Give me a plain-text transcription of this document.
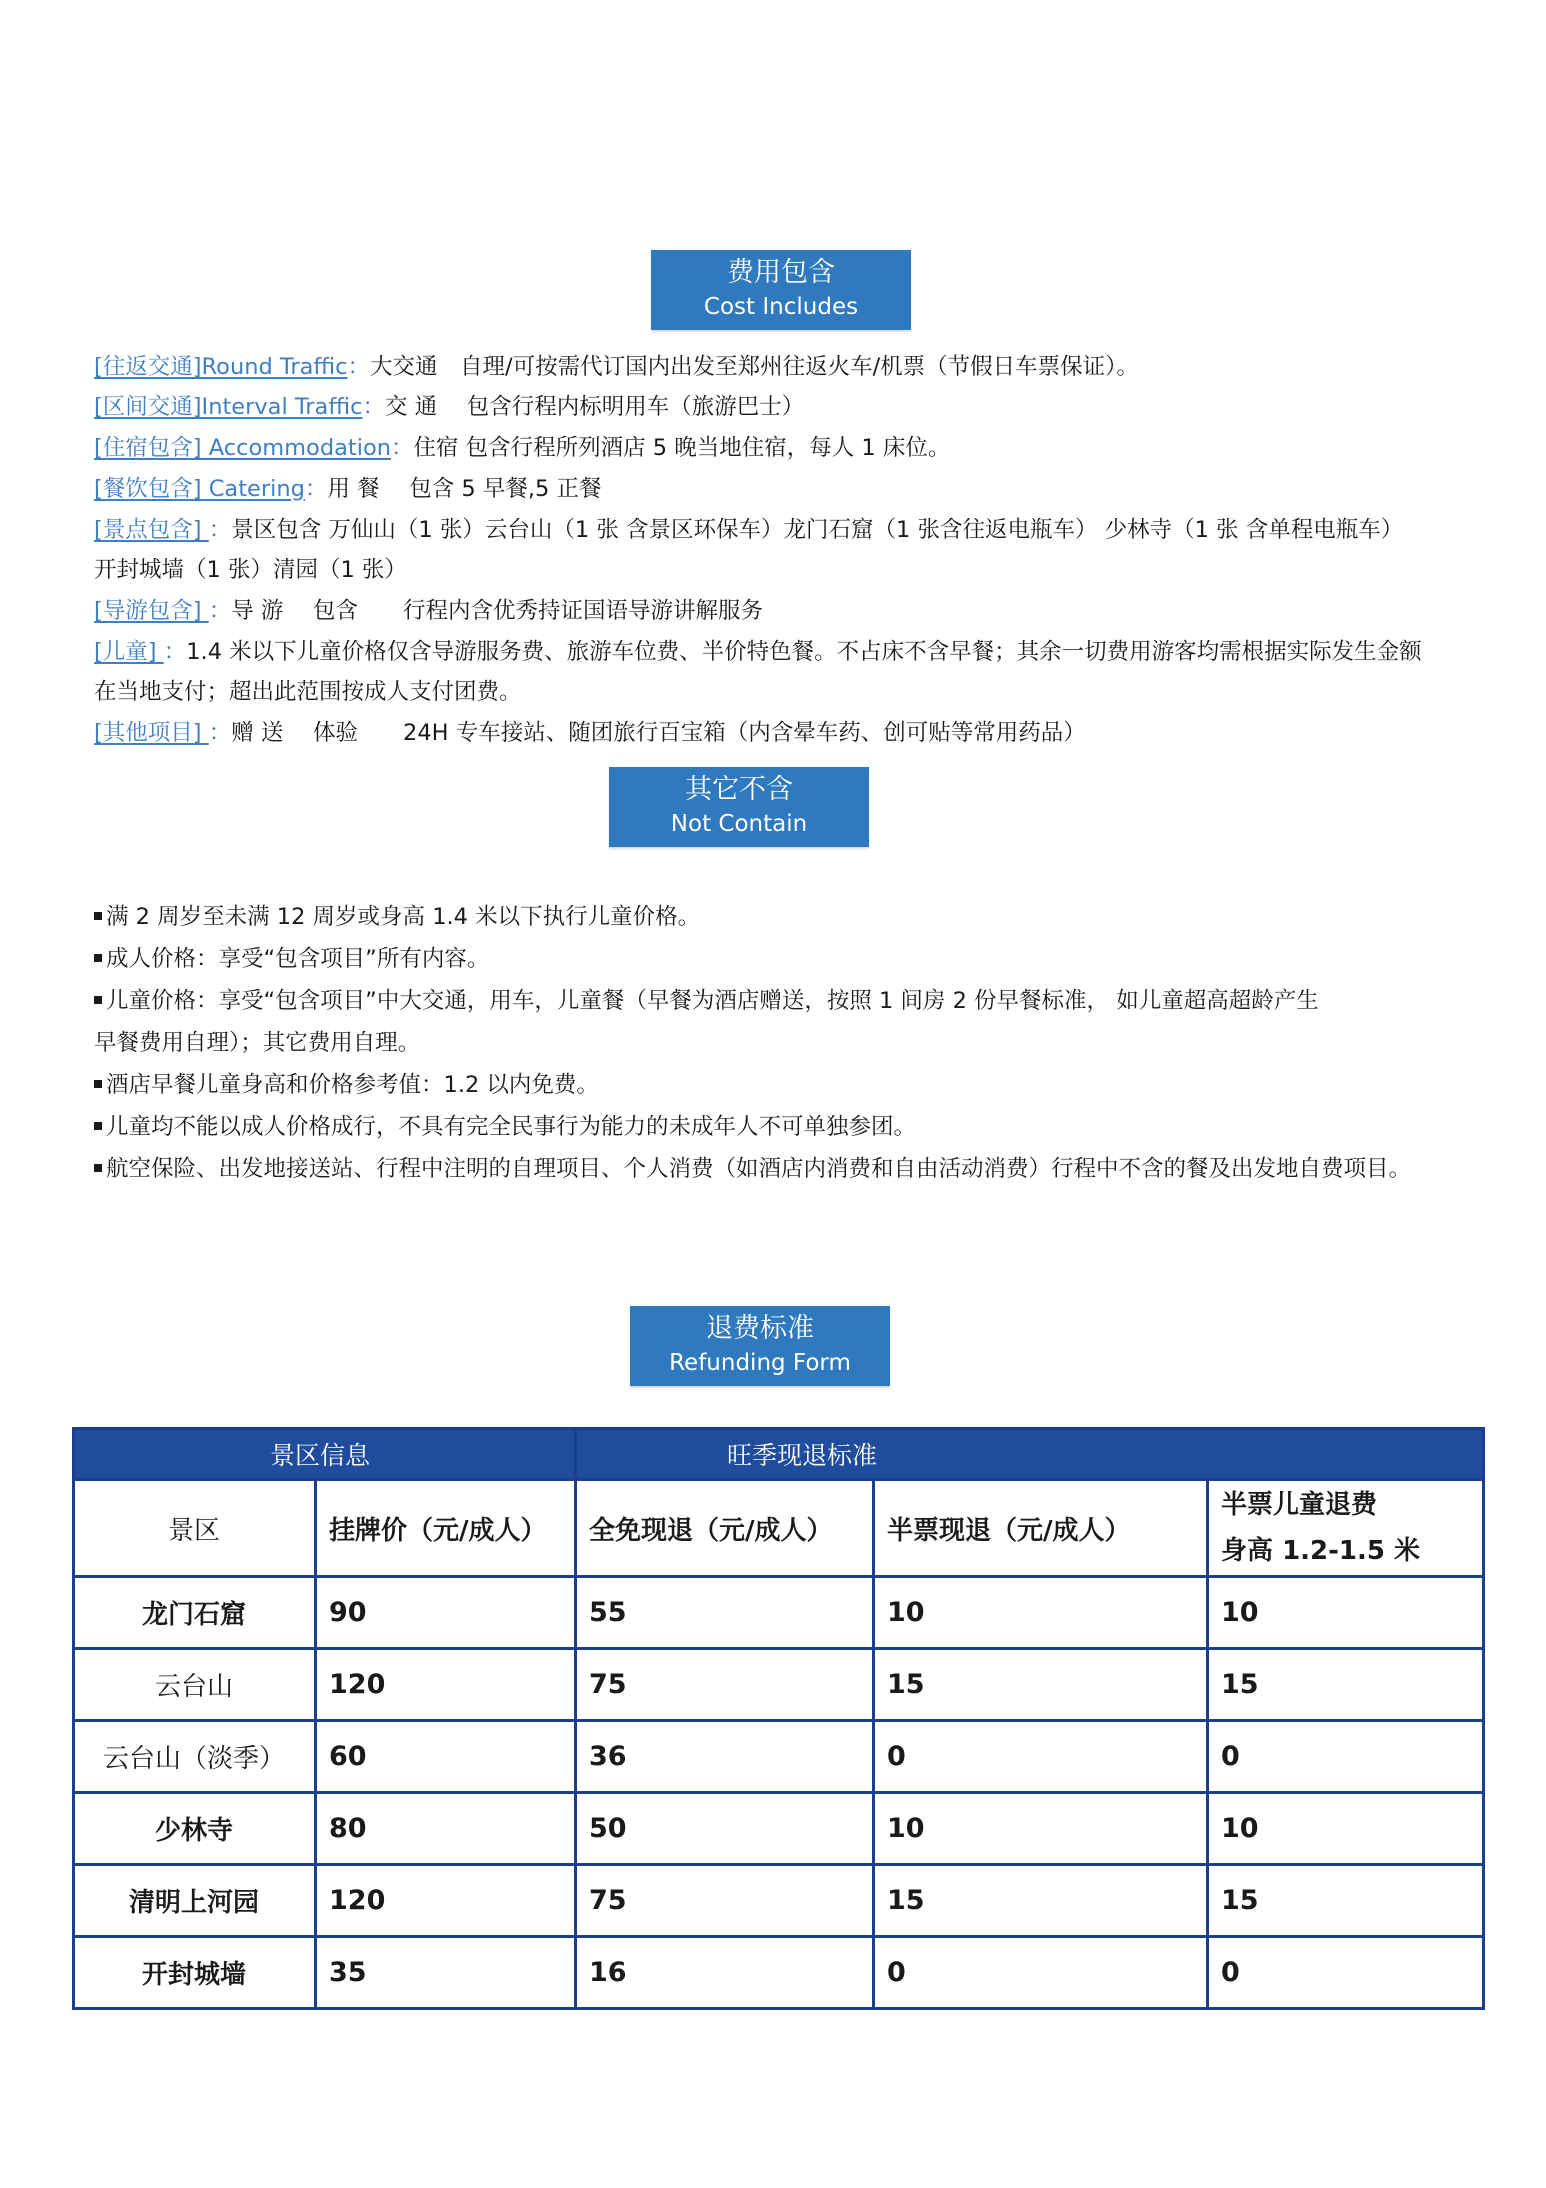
费用包含
Cost Includes
[往返交通]Round Traffic：大交通　自理/可按需代订国内出发至郑州往返火车/机票（节假日车票保证）。
[区间交通]Interval Traffic：交 通　 包含行程内标明用车（旅游巴士）
[住宿包含] Accommodation：住宿 包含行程所列酒店 5 晚当地住宿，每人 1 床位。
[餐饮包含] Catering：用 餐　 包含 5 早餐,5 正餐
[景点包含] ：景区包含 万仙山（1 张）云台山（1 张 含景区环保车）龙门石窟（1 张含往返电瓶车） 少林寺（1 张 含单程电瓶车）
开封城墙（1 张）清园（1 张）
[导游包含] ：导 游　 包含　　行程内含优秀持证国语导游讲解服务
[儿童] ：1.4 米以下儿童价格仅含导游服务费、旅游车位费、半价特色餐。不占床不含早餐；其余一切费用游客均需根据实际发生金额
在当地支付；超出此范围按成人支付团费。
[其他项目] ：赠 送　 体验　　24H 专车接站、随团旅行百宝箱（内含晕车药、创可贴等常用药品）
其它不含
Not Contain
满 2 周岁至未满 12 周岁或身高 1.4 米以下执行儿童价格。
成人价格：享受“包含项目”所有内容。
儿童价格：享受“包含项目”中大交通，用车，儿童餐（早餐为酒店赠送，按照 1 间房 2 份早餐标准， 如儿童超高超龄产生
早餐费用自理）；其它费用自理。
酒店早餐儿童身高和价格参考值：1.2 以内免费。
儿童均不能以成人价格成行，不具有完全民事行为能力的未成年人不可单独参团。
航空保险、出发地接送站、行程中注明的自理项目、个人消费（如酒店内消费和自由活动消费）行程中不含的餐及出发地自费项目。
退费标准
Refunding Form
景区信息		旺季现退标准		
景区	挂牌价（元/成人）	全免现退（元/成人）	半票现退（元/成人）	半票儿童退费
身高 1.2-1.5 米

龙门石窟	90	55	10	10
云台山	120	75	15	15
云台山（淡季）	60	36	0	0
少林寺	80	50	10	10
清明上河园	120	75	15	15
开封城墙	35	16	0	0
